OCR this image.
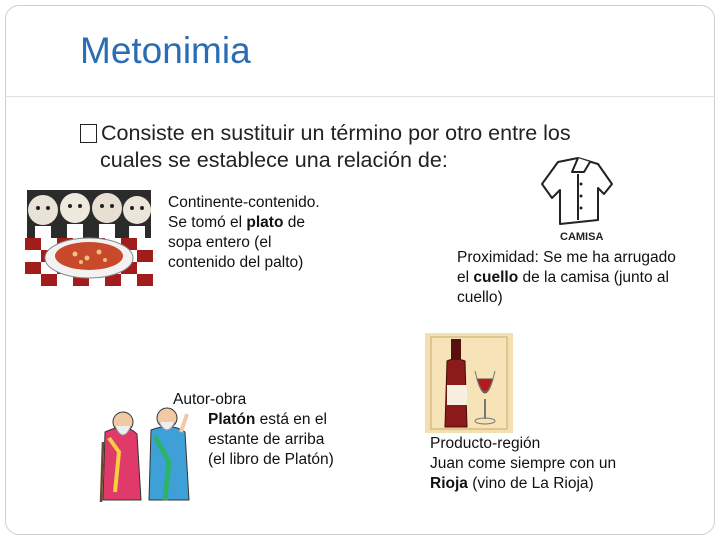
Metonimia
Consiste en sustituir un término por otro entre los
cuales se establece una relación de:
Continente-contenido.
Se tomó el plato de
sopa entero (el
contenido del palto)
CAMISA
Proximidad: Se me ha arrugado
el cuello de la camisa (junto al
cuello)
Autor-obra
Platón está en el
estante de arriba
(el libro de Platón)
Producto-región
Juan come siempre con un
Rioja (vino de La Rioja)
